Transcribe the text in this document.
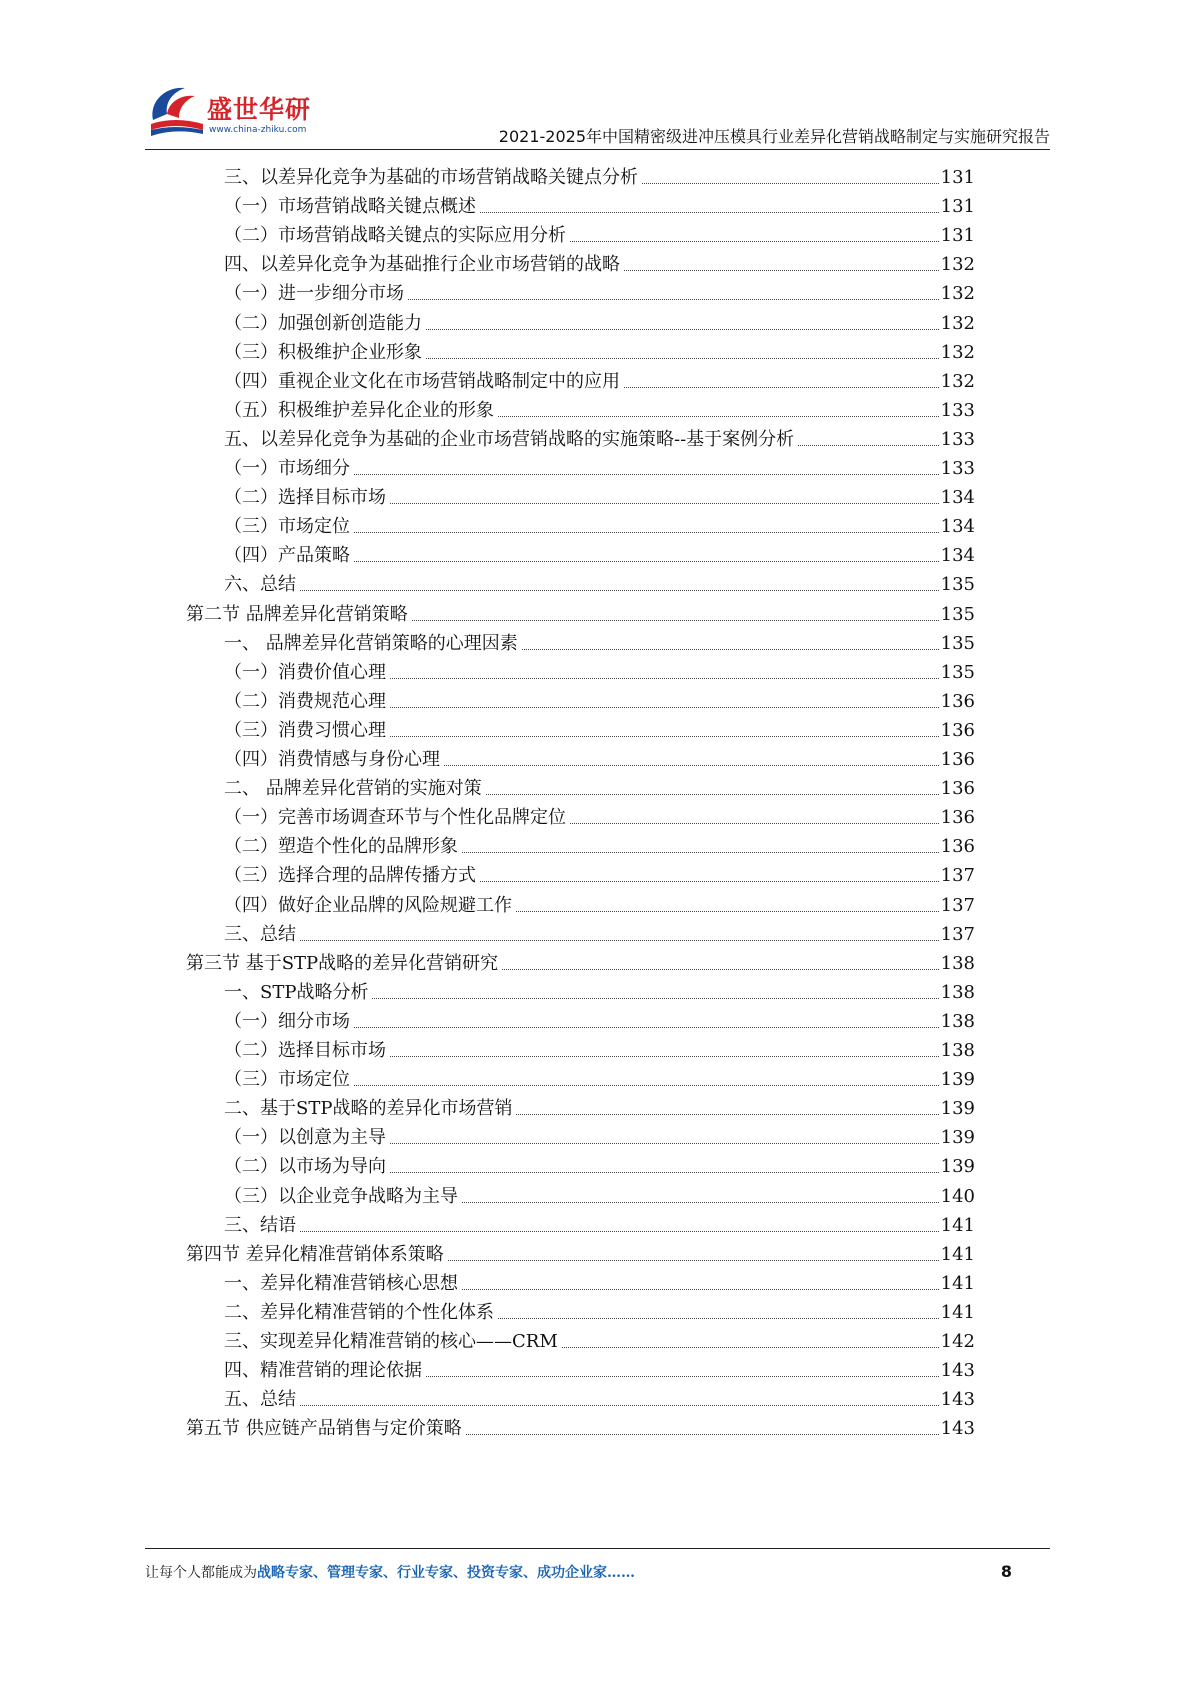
盛世华研
www.china-zhiku.com	2021-2025年中国精密级进冲压模具行业差异化营销战略制定与实施研究报告
三、以差异化竞争为基础的市场营销战略关键点分析	131
（一）市场营销战略关键点概述	131
（二）市场营销战略关键点的实际应用分析	131
四、以差异化竞争为基础推行企业市场营销的战略	132
（一）进一步细分市场	132
（二）加强创新创造能力	132
（三）积极维护企业形象	132
（四）重视企业文化在市场营销战略制定中的应用	132
（五）积极维护差异化企业的形象	133
五、以差异化竞争为基础的企业市场营销战略的实施策略--基于案例分析	133
（一）市场细分	133
（二）选择目标市场	134
（三）市场定位	134
（四）产品策略	134
六、总结	135
第二节 品牌差异化营销策略	135
一、 品牌差异化营销策略的心理因素	135
（一）消费价值心理	135
（二）消费规范心理	136
（三）消费习惯心理	136
（四）消费情感与身份心理	136
二、 品牌差异化营销的实施对策	136
（一）完善市场调查环节与个性化品牌定位	136
（二）塑造个性化的品牌形象	136
（三）选择合理的品牌传播方式	137
（四）做好企业品牌的风险规避工作	137
三、总结	137
第三节 基于STP战略的差异化营销研究	138
一、STP战略分析	138
（一）细分市场	138
（二）选择目标市场	138
（三）市场定位	139
二、基于STP战略的差异化市场营销	139
（一）以创意为主导	139
（二）以市场为导向	139
（三）以企业竞争战略为主导	140
三、结语	141
第四节 差异化精准营销体系策略	141
一、差异化精准营销核心思想	141
二、差异化精准营销的个性化体系	141
三、实现差异化精准营销的核心——CRM	142
四、精准营销的理论依据	143
五、总结	143
第五节 供应链产品销售与定价策略	143
让每个人都能成为战略专家、管理专家、行业专家、投资专家、成功企业家……	8
